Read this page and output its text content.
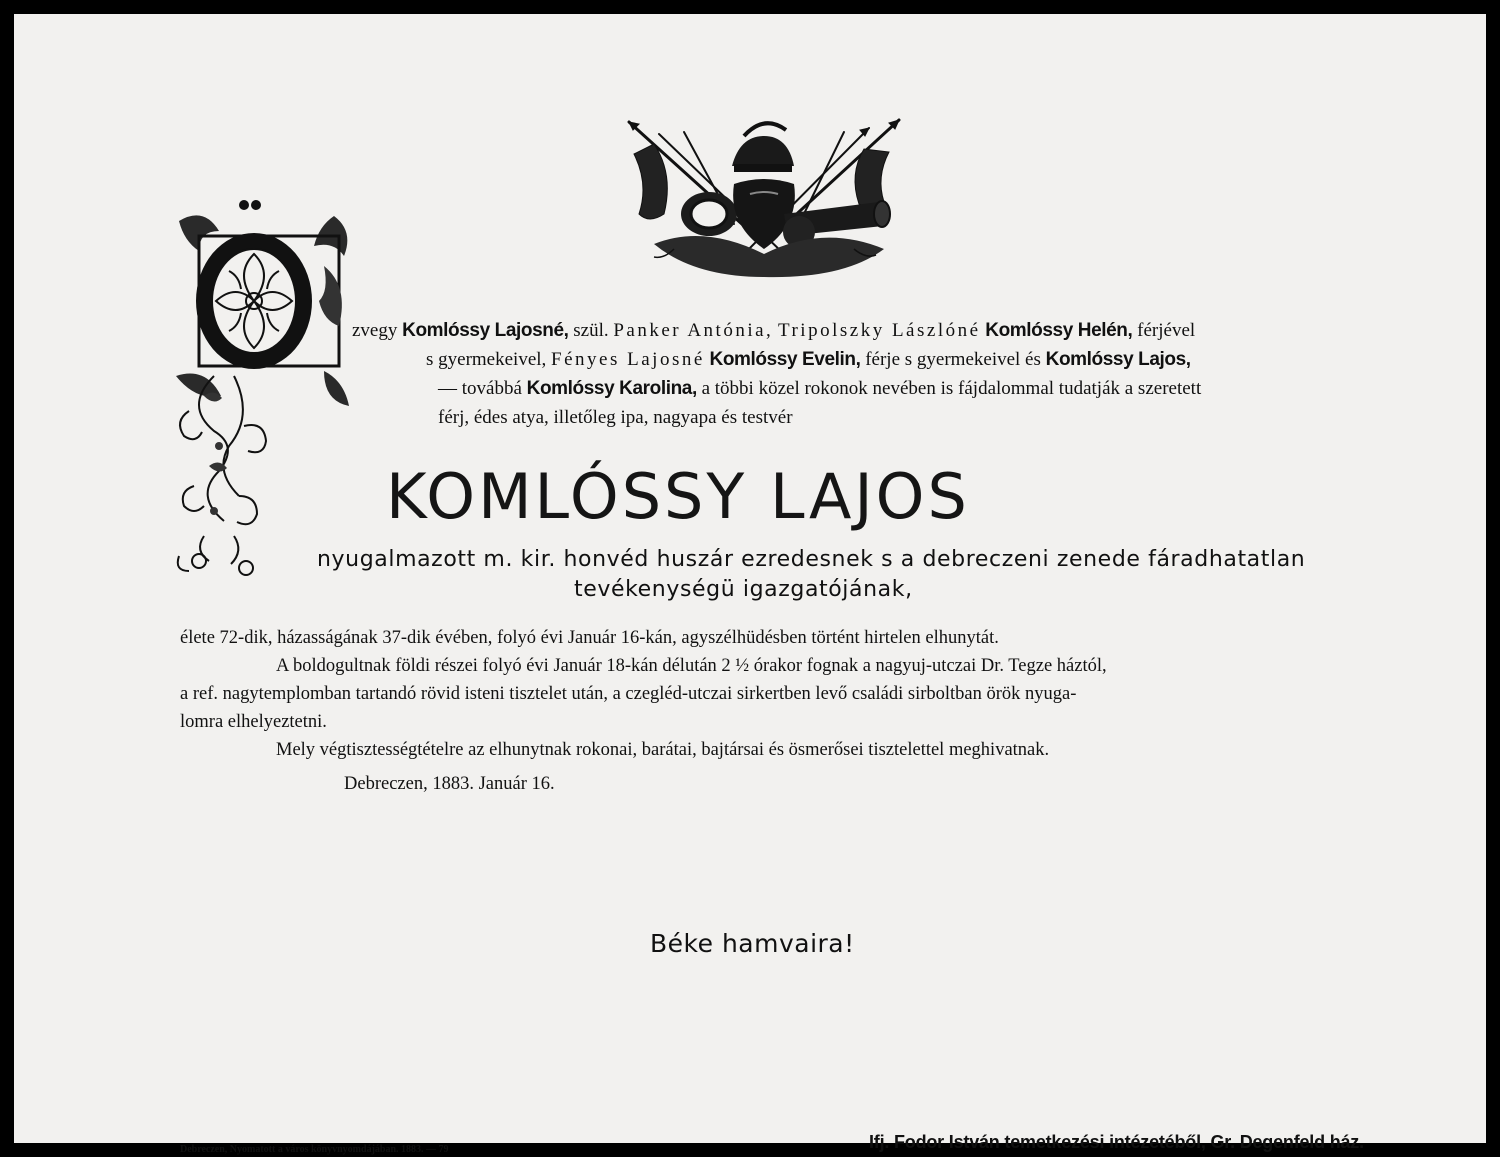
zvegy Komlóssy Lajosné, szül. Panker Antónia, Tripolszky Lászlóné Komlóssy Helén, férjével
s gyermekeivel, Fényes Lajosné Komlóssy Evelin, férje s gyermekeivel és Komlóssy Lajos,
— továbbá Komlóssy Karolina, a többi közel rokonok nevében is fájdalommal tudatják a szeretett
férj, édes atya, illetőleg ipa, nagyapa és testvér
KOMLÓSSY LAJOS
nyugalmazott m. kir. honvéd huszár ezredesnek s a debreczeni zenede fáradhatatlan
tevékenységü igazgatójának,
élete 72-dik, házasságának 37-dik évében, folyó évi Január 16-kán, agyszélhüdésben történt hirtelen elhunytát.
A boldogultnak földi részei folyó évi Január 18-kán délután 2 ½ órakor fognak a nagyuj-utczai Dr. Tegze háztól,
a ref. nagytemplomban tartandó rövid isteni tisztelet után, a czegléd-utczai sirkertben levő családi sirboltban örök nyuga-
lomra elhelyeztetni.
Mely végtisztességtételre az elhunytnak rokonai, barátai, bajtársai és ösmerősei tisztelettel meghivatnak.
Debreczen, 1883. Január 16.
Béke hamvaira!
Debreczen, Nyomatott a város könyvnyomdájában. 1883. — 79	Ifj. Fodor István temetkezési intézetéből, Gr. Degenfeld ház.
